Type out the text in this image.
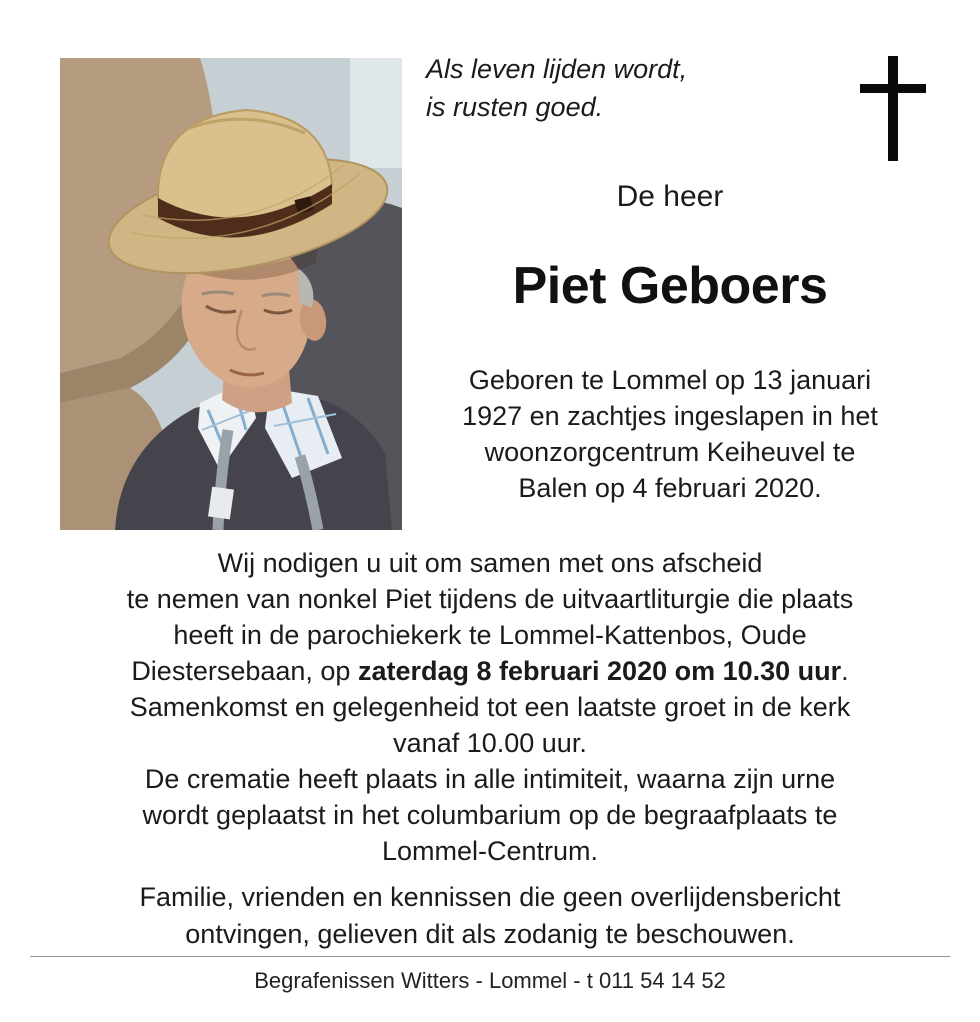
Als leven lijden wordt,
is rusten goed.
De heer
Piet Geboers
Geboren te Lommel op 13 januari
1927 en zachtjes ingeslapen in het
woonzorgcentrum Keiheuvel te
Balen op 4 februari 2020.
Wij nodigen u uit om samen met ons afscheid
te nemen van nonkel Piet tijdens de uitvaartliturgie die plaats
heeft in de parochiekerk te Lommel-Kattenbos, Oude
Diestersebaan, op zaterdag 8 februari 2020 om 10.30 uur.
Samenkomst en gelegenheid tot een laatste groet in de kerk
vanaf 10.00 uur.
De crematie heeft plaats in alle intimiteit, waarna zijn urne
wordt geplaatst in het columbarium op de begraafplaats te
Lommel-Centrum.
Familie, vrienden en kennissen die geen overlijdensbericht
ontvingen, gelieven dit als zodanig te beschouwen.
Begrafenissen Witters - Lommel - t 011 54 14 52
